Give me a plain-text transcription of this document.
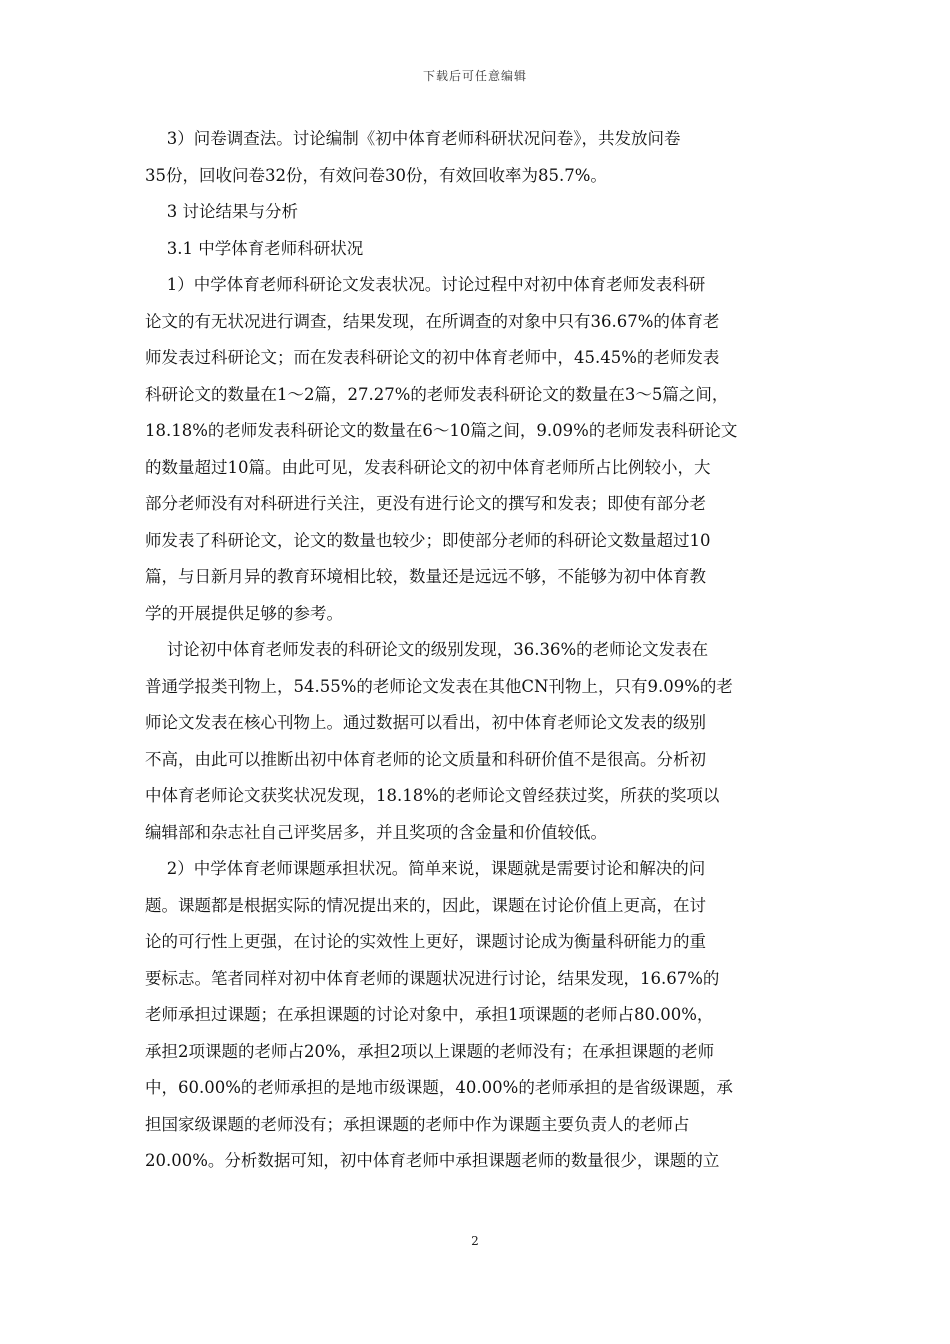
下载后可任意编辑

　 3）问卷调查法。讨论编制《初中体育老师科研状况问卷》，共发放问卷
35份，回收问卷32份，有效问卷30份，有效回收率为85.7%。

　 3 讨论结果与分析

　 3.1 中学体育老师科研状况

　 1）中学体育老师科研论文发表状况。讨论过程中对初中体育老师发表科研
论文的有无状况进行调查，结果发现，在所调查的对象中只有36.67%的体育老
师发表过科研论文；而在发表科研论文的初中体育老师中，45.45%的老师发表
科研论文的数量在1～2篇，27.27%的老师发表科研论文的数量在3～5篇之间，
18.18%的老师发表科研论文的数量在6～10篇之间，9.09%的老师发表科研论文
的数量超过10篇。由此可见，发表科研论文的初中体育老师所占比例较小，大
部分老师没有对科研进行关注，更没有进行论文的撰写和发表；即使有部分老
师发表了科研论文，论文的数量也较少；即使部分老师的科研论文数量超过10
篇，与日新月异的教育环境相比较，数量还是远远不够，不能够为初中体育教
学的开展提供足够的参考。

　 讨论初中体育老师发表的科研论文的级别发现，36.36%的老师论文发表在
普通学报类刊物上，54.55%的老师论文发表在其他CN刊物上，只有9.09%的老
师论文发表在核心刊物上。通过数据可以看出，初中体育老师论文发表的级别
不高，由此可以推断出初中体育老师的论文质量和科研价值不是很高。分析初
中体育老师论文获奖状况发现，18.18%的老师论文曾经获过奖，所获的奖项以
编辑部和杂志社自己评奖居多，并且奖项的含金量和价值较低。

　 2）中学体育老师课题承担状况。简单来说，课题就是需要讨论和解决的问
题。课题都是根据实际的情况提出来的，因此，课题在讨论价值上更高，在讨
论的可行性上更强，在讨论的实效性上更好，课题讨论成为衡量科研能力的重
要标志。笔者同样对初中体育老师的课题状况进行讨论，结果发现，16.67%的
老师承担过课题；在承担课题的讨论对象中，承担1项课题的老师占80.00%，
承担2项课题的老师占20%，承担2项以上课题的老师没有；在承担课题的老师
中，60.00%的老师承担的是地市级课题，40.00%的老师承担的是省级课题，承
担国家级课题的老师没有；承担课题的老师中作为课题主要负责人的老师占
20.00%。分析数据可知，初中体育老师中承担课题老师的数量很少，课题的立

2
